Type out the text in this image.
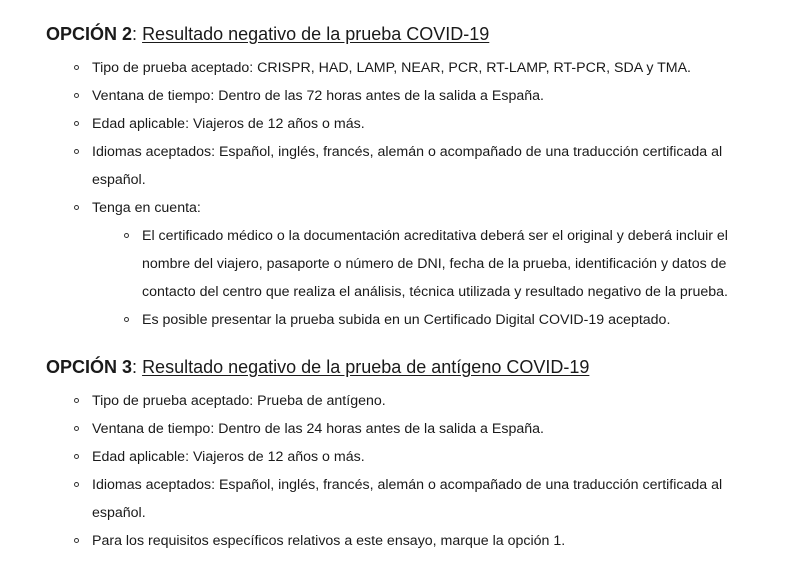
OPCIÓN 2: Resultado negativo de la prueba COVID-19
Tipo de prueba aceptado: CRISPR, HAD, LAMP, NEAR, PCR, RT-LAMP, RT-PCR, SDA y TMA.
Ventana de tiempo: Dentro de las 72 horas antes de la salida a España.
Edad aplicable: Viajeros de 12 años o más.
Idiomas aceptados: Español, inglés, francés, alemán o acompañado de una traducción certificada al español.
Tenga en cuenta:
El certificado médico o la documentación acreditativa deberá ser el original y deberá incluir el nombre del viajero, pasaporte o número de DNI, fecha de la prueba, identificación y datos de contacto del centro que realiza el análisis, técnica utilizada y resultado negativo de la prueba.
Es posible presentar la prueba subida en un Certificado Digital COVID-19 aceptado.
OPCIÓN 3: Resultado negativo de la prueba de antígeno COVID-19
Tipo de prueba aceptado: Prueba de antígeno.
Ventana de tiempo: Dentro de las 24 horas antes de la salida a España.
Edad aplicable: Viajeros de 12 años o más.
Idiomas aceptados: Español, inglés, francés, alemán o acompañado de una traducción certificada al español.
Para los requisitos específicos relativos a este ensayo, marque la opción 1.
